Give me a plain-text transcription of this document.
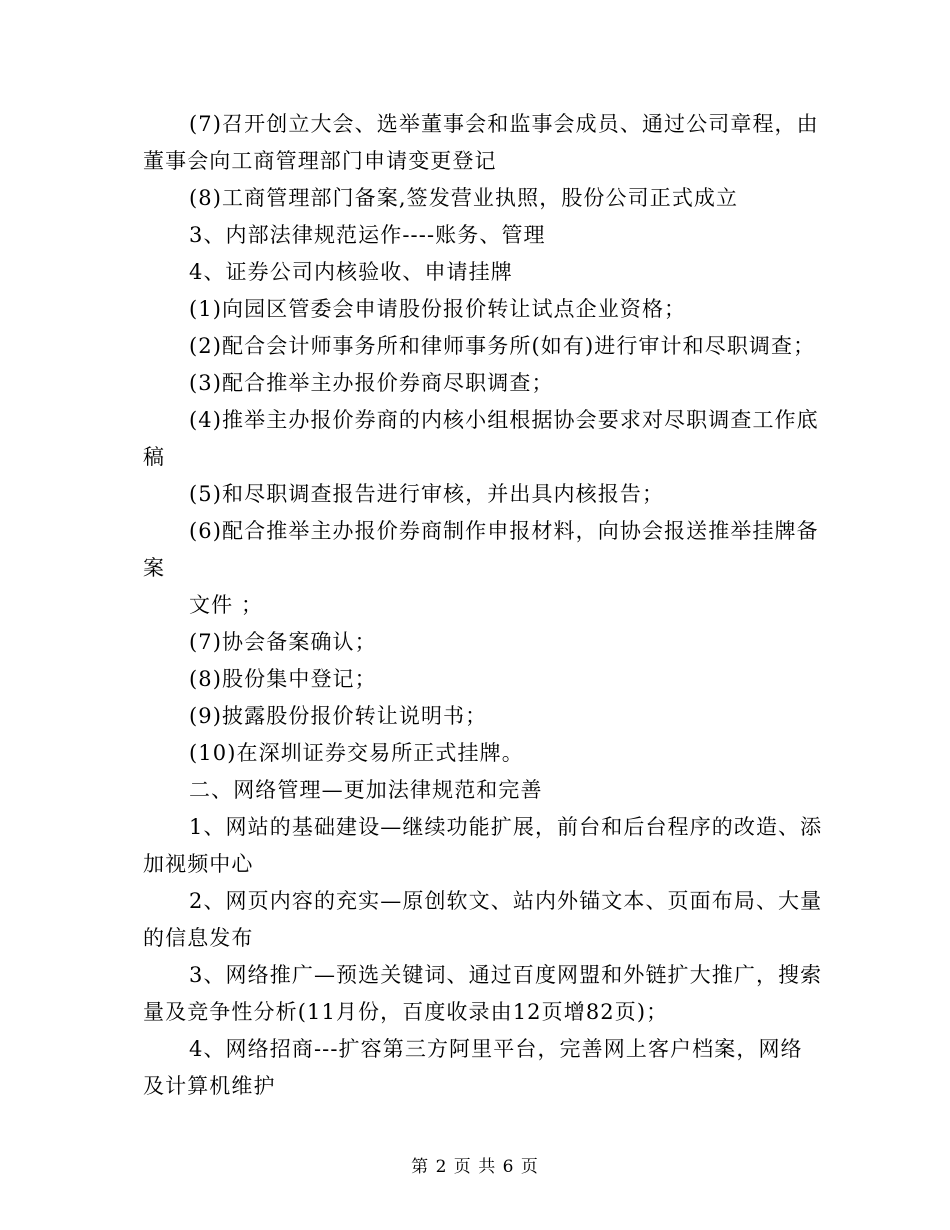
(7)召开创立大会、选举董事会和监事会成员、通过公司章程，由
董事会向工商管理部门申请变更登记
(8)工商管理部门备案,签发营业执照，股份公司正式成立
3、内部法律规范运作----账务、管理
4、证券公司内核验收、申请挂牌
(1)向园区管委会申请股份报价转让试点企业资格；
(2)配合会计师事务所和律师事务所(如有)进行审计和尽职调查；
(3)配合推举主办报价券商尽职调查；
(4)推举主办报价券商的内核小组根据协会要求对尽职调查工作底
稿
(5)和尽职调查报告进行审核，并出具内核报告；
(6)配合推举主办报价券商制作申报材料，向协会报送推举挂牌备
案
文件 ；
(7)协会备案确认；
(8)股份集中登记；
(9)披露股份报价转让说明书；
(10)在深圳证券交易所正式挂牌。
二、网络管理—更加法律规范和完善
1、网站的基础建设—继续功能扩展，前台和后台程序的改造、添
加视频中心
2、网页内容的充实—原创软文、站内外锚文本、页面布局、大量
的信息发布
3、网络推广—预选关键词、通过百度网盟和外链扩大推广，搜索
量及竞争性分析(11月份，百度收录由12页增82页)；
4、网络招商---扩容第三方阿里平台，完善网上客户档案，网络
及计算机维护
第 2 页 共 6 页
